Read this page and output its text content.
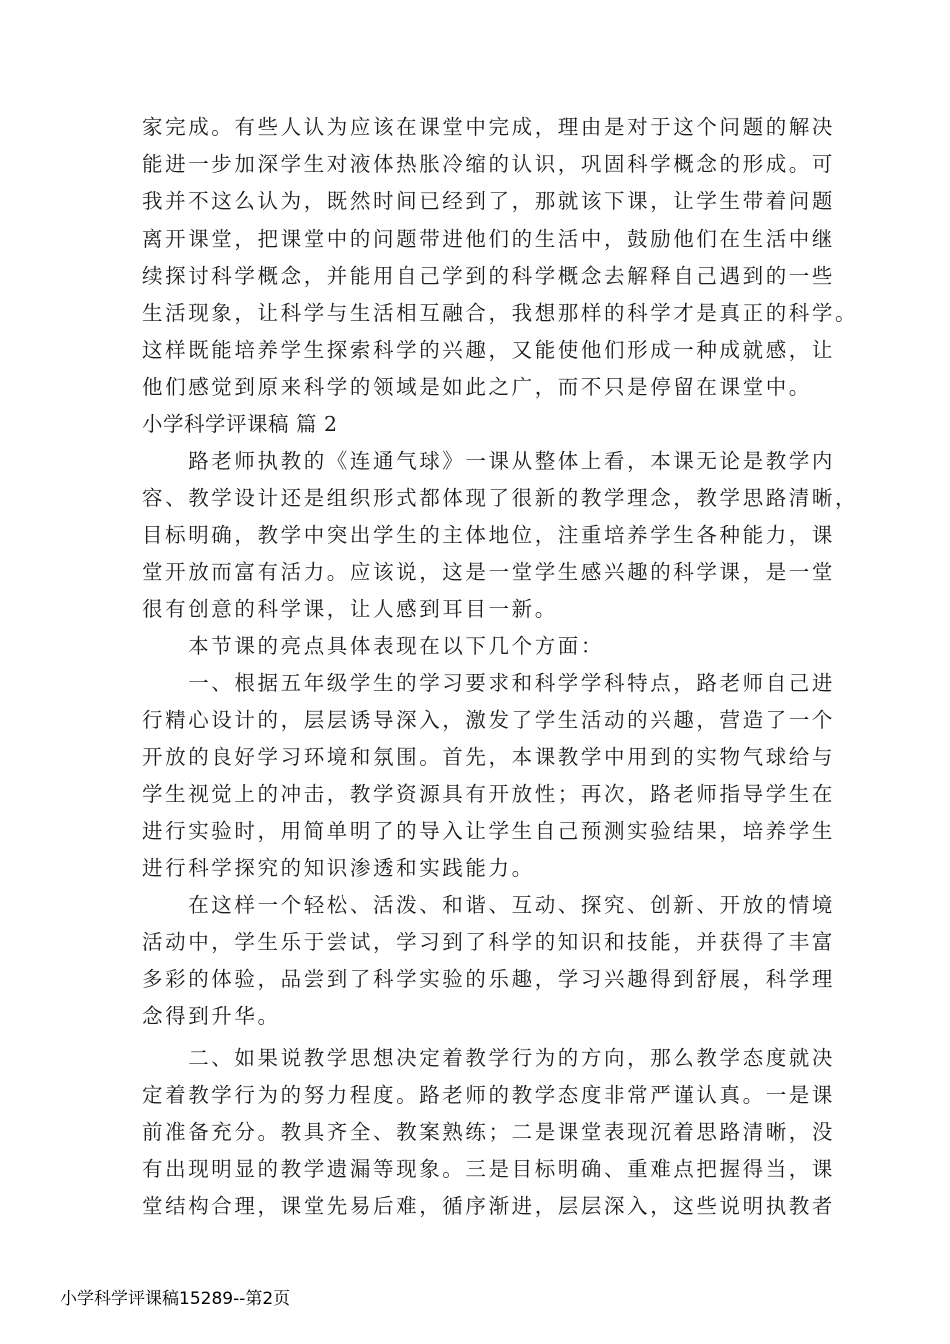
家完成。有些人认为应该在课堂中完成，理由是对于这个问题的解决
能进一步加深学生对液体热胀冷缩的认识，巩固科学概念的形成。可
我并不这么认为，既然时间已经到了，那就该下课，让学生带着问题
离开课堂，把课堂中的问题带进他们的生活中，鼓励他们在生活中继
续探讨科学概念，并能用自己学到的科学概念去解释自己遇到的一些
生活现象，让科学与生活相互融合，我想那样的科学才是真正的科学。
这样既能培养学生探索科学的兴趣，又能使他们形成一种成就感，让
他们感觉到原来科学的领域是如此之广，而不只是停留在课堂中。
小学科学评课稿 篇 2
　　路老师执教的《连通气球》一课从整体上看，本课无论是教学内
容、教学设计还是组织形式都体现了很新的教学理念，教学思路清晰，
目标明确，教学中突出学生的主体地位，注重培养学生各种能力，课
堂开放而富有活力。应该说，这是一堂学生感兴趣的科学课，是一堂
很有创意的科学课，让人感到耳目一新。
　　本节课的亮点具体表现在以下几个方面：
　　一、根据五年级学生的学习要求和科学学科特点，路老师自己进
行精心设计的，层层诱导深入，激发了学生活动的兴趣，营造了一个
开放的良好学习环境和氛围。首先，本课教学中用到的实物气球给与
学生视觉上的冲击，教学资源具有开放性；再次，路老师指导学生在
进行实验时，用简单明了的导入让学生自己预测实验结果，培养学生
进行科学探究的知识渗透和实践能力。
　　在这样一个轻松、活泼、和谐、互动、探究、创新、开放的情境
活动中，学生乐于尝试，学习到了科学的知识和技能，并获得了丰富
多彩的体验，品尝到了科学实验的乐趣，学习兴趣得到舒展，科学理
念得到升华。
　　二、如果说教学思想决定着教学行为的方向，那么教学态度就决
定着教学行为的努力程度。路老师的教学态度非常严谨认真。一是课
前准备充分。教具齐全、教案熟练；二是课堂表现沉着思路清晰，没
有出现明显的教学遗漏等现象。三是目标明确、重难点把握得当，课
堂结构合理，课堂先易后难，循序渐进，层层深入，这些说明执教者
小学科学评课稿15289--第2页
